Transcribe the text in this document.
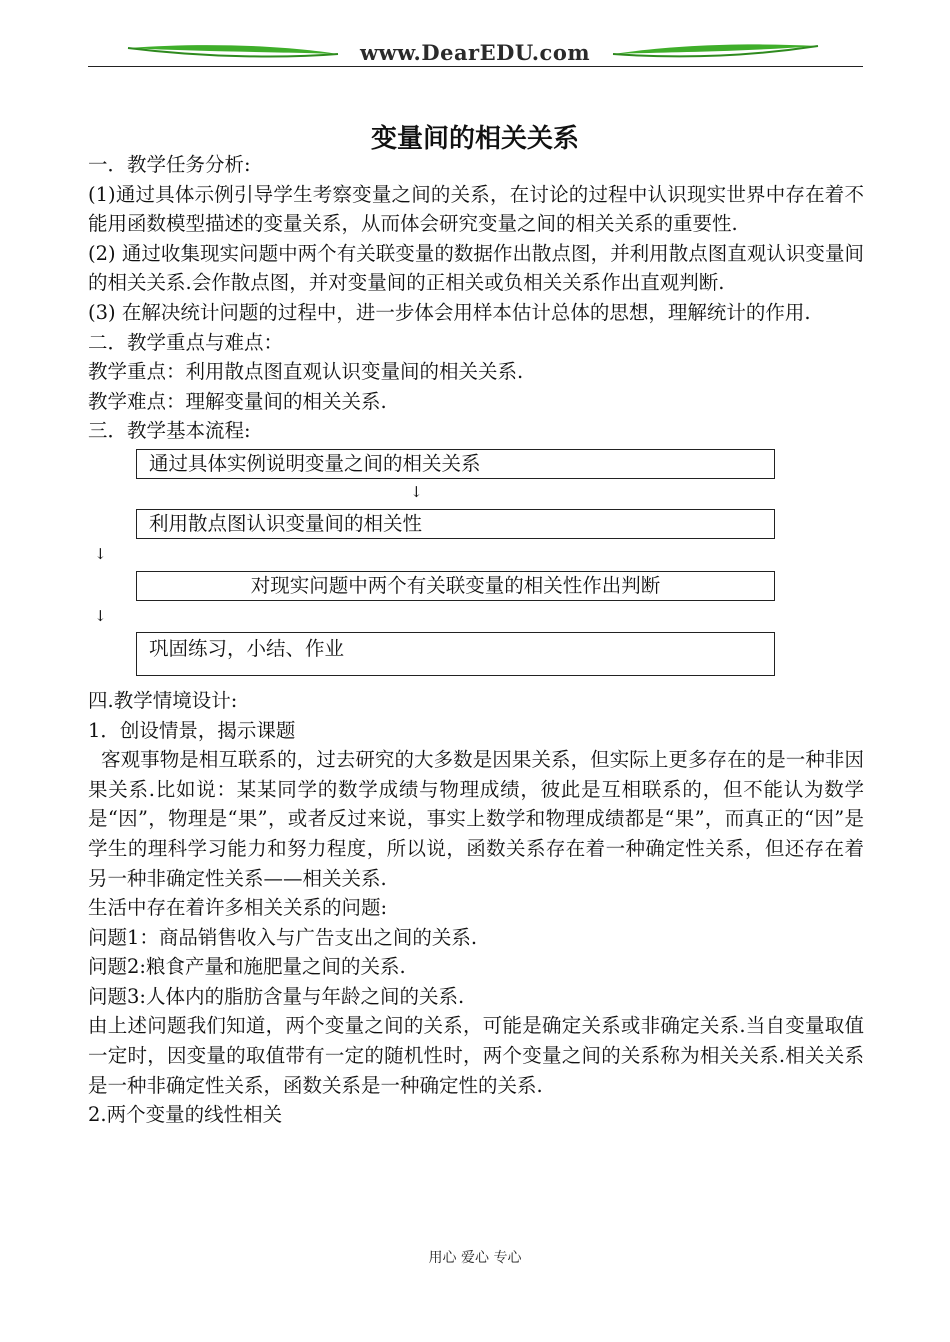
www.DearEDU.com
变量间的相关关系

一．教学任务分析:

(1)通过具体示例引导学生考察变量之间的关系，在讨论的过程中认识现实世界中存在着不能用函数模型描述的变量关系，从而体会研究变量之间的相关关系的重要性.

(2) 通过收集现实问题中两个有关联变量的数据作出散点图，并利用散点图直观认识变量间的相关关系.会作散点图，并对变量间的正相关或负相关关系作出直观判断.

(3) 在解决统计问题的过程中，进一步体会用样本估计总体的思想，理解统计的作用.

二．教学重点与难点：

教学重点：利用散点图直观认识变量间的相关关系.

教学难点：理解变量间的相关关系.

三．教学基本流程:

通过具体实例说明变量之间的相关关系
↓
利用散点图认识变量间的相关性
↓
对现实问题中两个有关联变量的相关性作出判断
↓
巩固练习，小结、作业

四.教学情境设计:

1．创设情景，揭示课题

客观事物是相互联系的，过去研究的大多数是因果关系，但实际上更多存在的是一种非因果关系.比如说：某某同学的数学成绩与物理成绩，彼此是互相联系的，但不能认为数学是“因”，物理是“果”，或者反过来说，事实上数学和物理成绩都是“果”，而真正的“因”是学生的理科学习能力和努力程度，所以说，函数关系存在着一种确定性关系，但还存在着另一种非确定性关系——相关关系.

生活中存在着许多相关关系的问题:

问题1：商品销售收入与广告支出之间的关系.

问题2:粮食产量和施肥量之间的关系.

问题3:人体内的脂肪含量与年龄之间的关系.

由上述问题我们知道，两个变量之间的关系，可能是确定关系或非确定关系.当自变量取值一定时，因变量的取值带有一定的随机性时，两个变量之间的关系称为相关关系.相关关系是一种非确定性关系，函数关系是一种确定性的关系.

2.两个变量的线性相关

用心 爱心 专心
